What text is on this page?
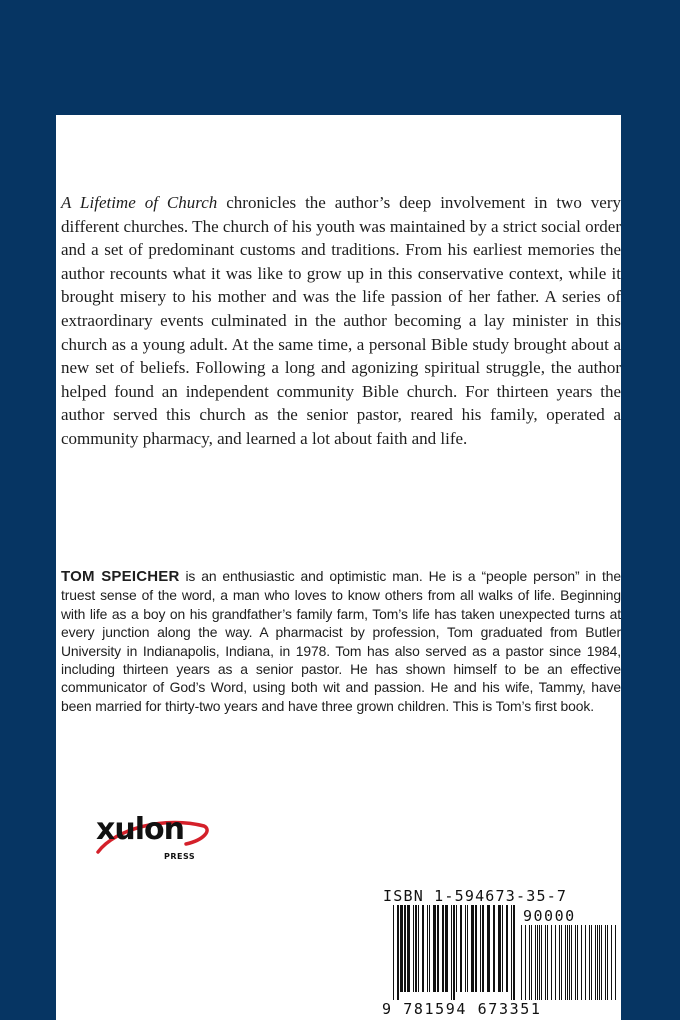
A Lifetime of Church chronicles the author’s deep involvement in two very different churches. The church of his youth was maintained by a strict social order and a set of predominant customs and traditions. From his earliest memories the author recounts what it was like to grow up in this conservative context, while it brought misery to his mother and was the life passion of her father. A series of extraordinary events culminated in the author becoming a lay minister in this church as a young adult. At the same time, a personal Bible study brought about a new set of beliefs. Following a long and agonizing spiritual struggle, the author helped found an independent community Bible church. For thirteen years the author served this church as the senior pastor, reared his family, operated a community pharmacy, and learned a lot about faith and life.

TOM SPEICHER is an enthusiastic and optimistic man. He is a “people person” in the truest sense of the word, a man who loves to know others from all walks of life. Beginning with life as a boy on his grandfather’s family farm, Tom’s life has taken unexpected turns at every junction along the way. A pharmacist by profession, Tom graduated from Butler University in Indianapolis, Indiana, in 1978. Tom has also served as a pastor since 1984, including thirteen years as a senior pastor. He has shown himself to be an effective communicator of God’s Word, using both wit and passion. He and his wife, Tammy, have been married for thirty-two years and have three grown children. This is Tom’s first book.

xulon
PRESS
ISBN 1-594673-35-7
90000
9 781594 673351
